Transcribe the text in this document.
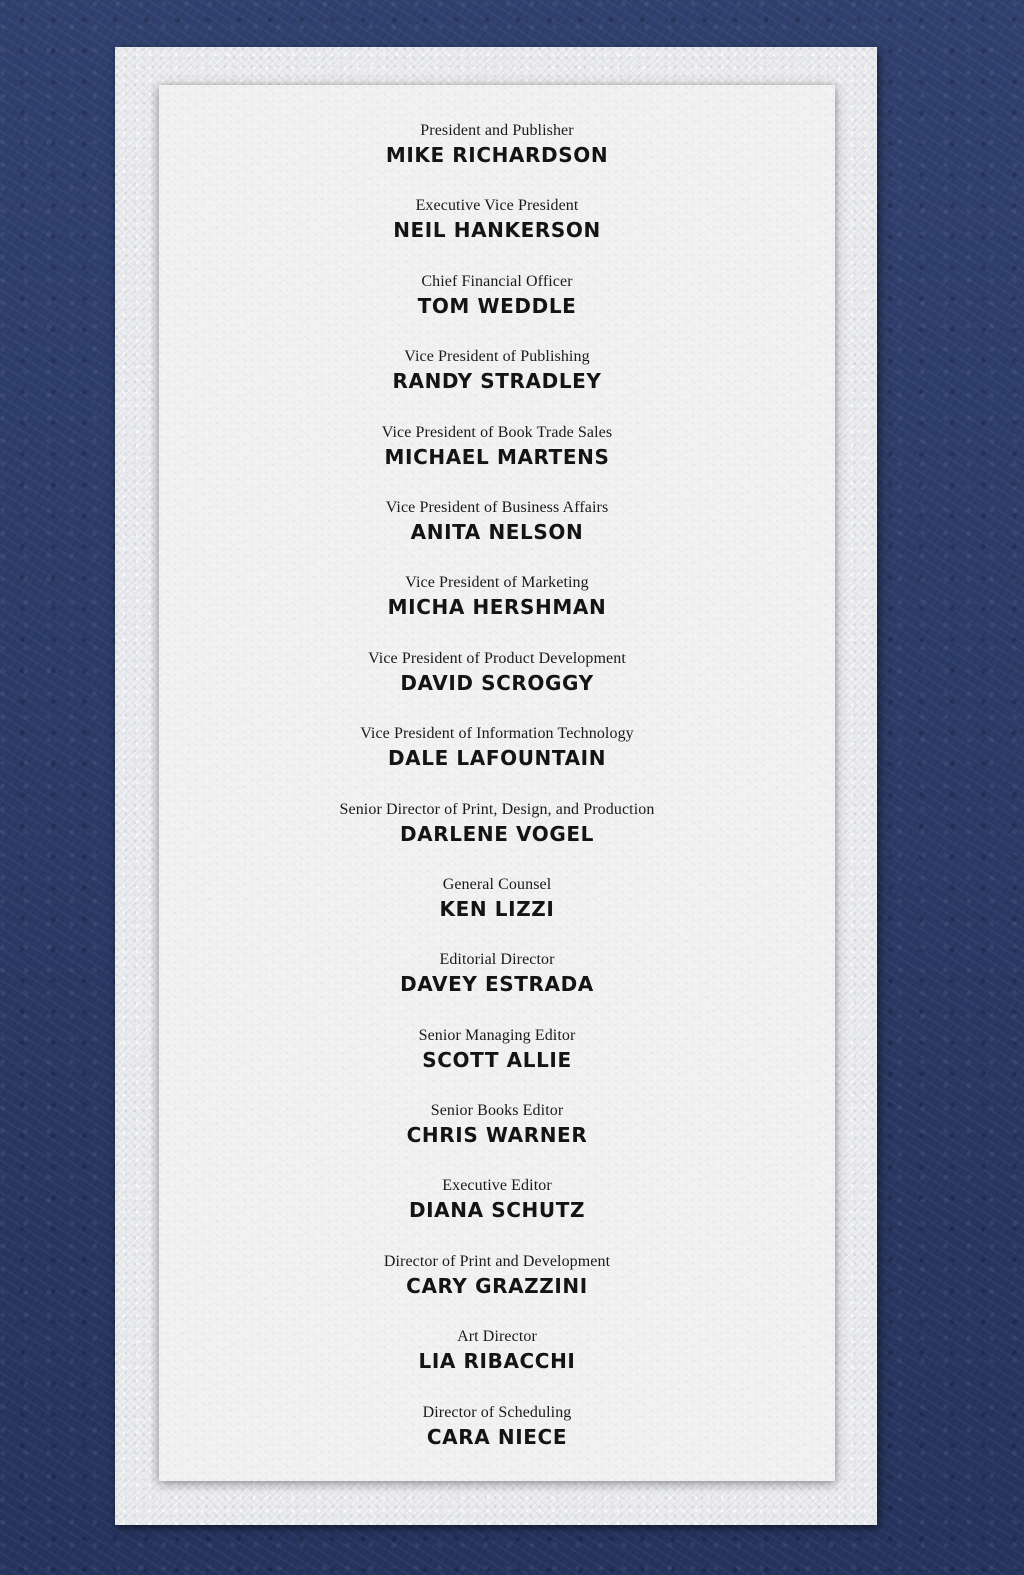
President and Publisher
MIKE RICHARDSON
Executive Vice President
NEIL HANKERSON
Chief Financial Officer
TOM WEDDLE
Vice President of Publishing
RANDY STRADLEY
Vice President of Book Trade Sales
MICHAEL MARTENS
Vice President of Business Affairs
ANITA NELSON
Vice President of Marketing
MICHA HERSHMAN
Vice President of Product Development
DAVID SCROGGY
Vice President of Information Technology
DALE LAFOUNTAIN
Senior Director of Print, Design, and Production
DARLENE VOGEL
General Counsel
KEN LIZZI
Editorial Director
DAVEY ESTRADA
Senior Managing Editor
SCOTT ALLIE
Senior Books Editor
CHRIS WARNER
Executive Editor
DIANA SCHUTZ
Director of Print and Development
CARY GRAZZINI
Art Director
LIA RIBACCHI
Director of Scheduling
CARA NIECE
